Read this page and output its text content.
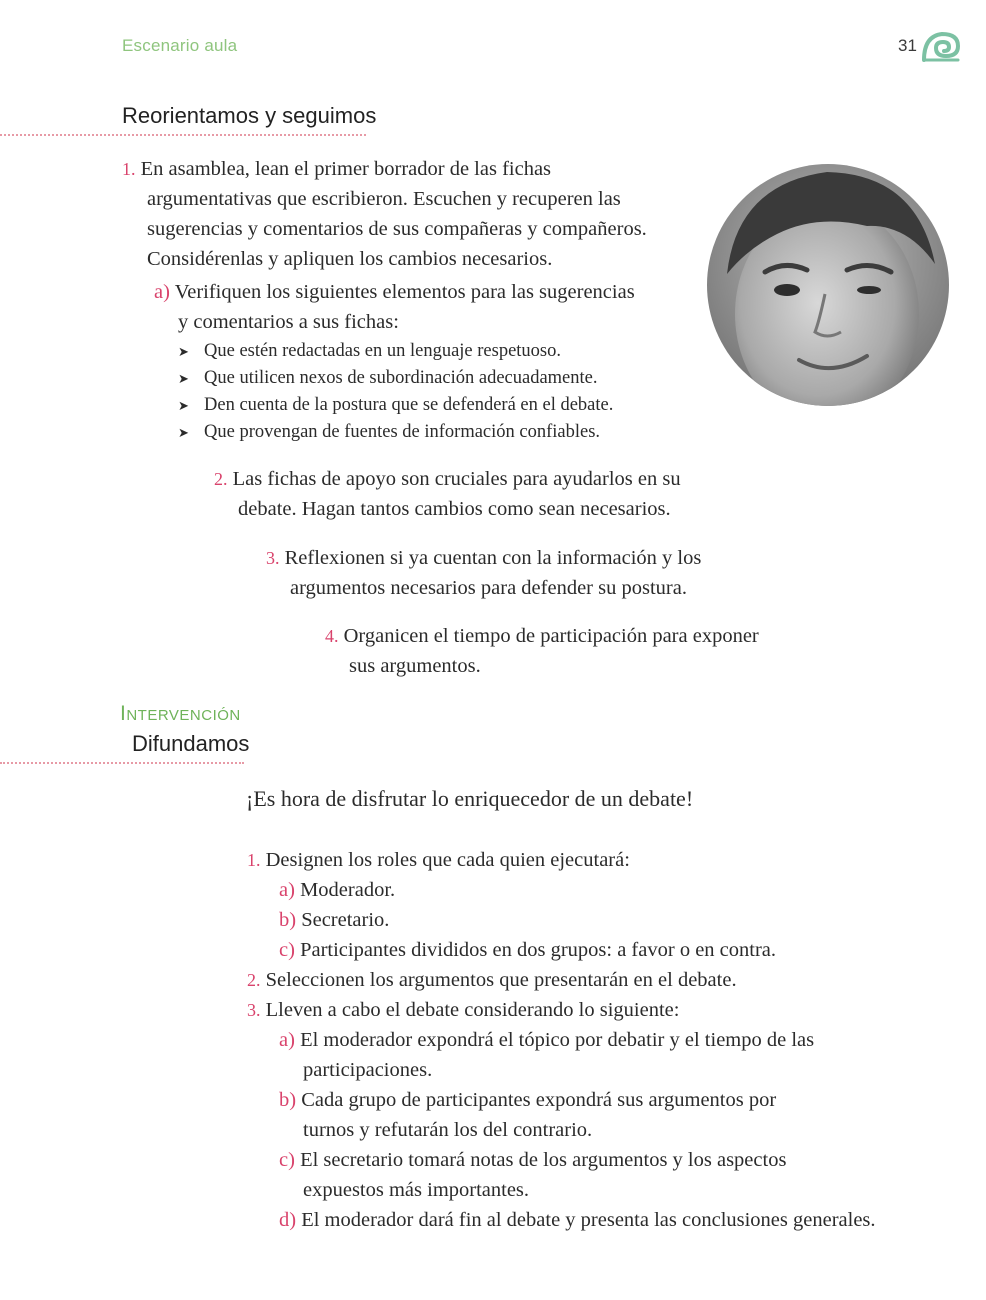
Escenario aula	31
Reorientamos y seguimos
1. En asamblea, lean el primer borrador de las fichas
argumentativas que escribieron. Escuchen y recuperen las
sugerencias y comentarios de sus compañeras y compañeros.
Considérenlas y apliquen los cambios necesarios.
a) Verifiquen los siguientes elementos para las sugerencias
y comentarios a sus fichas:
➤ Que estén redactadas en un lenguaje respetuoso.
➤ Que utilicen nexos de subordinación adecuadamente.
➤ Den cuenta de la postura que se defenderá en el debate.
➤ Que provengan de fuentes de información confiables.
2. Las fichas de apoyo son cruciales para ayudarlos en su
debate. Hagan tantos cambios como sean necesarios.
3. Reflexionen si ya cuentan con la información y los
argumentos necesarios para defender su postura.
4. Organicen el tiempo de participación para exponer
sus argumentos.
Intervención
Difundamos
¡Es hora de disfrutar lo enriquecedor de un debate!
1. Designen los roles que cada quien ejecutará:
a) Moderador.
b) Secretario.
c) Participantes divididos en dos grupos: a favor o en contra.
2. Seleccionen los argumentos que presentarán en el debate.
3. Lleven a cabo el debate considerando lo siguiente:
a) El moderador expondrá el tópico por debatir y el tiempo de las
participaciones.
b) Cada grupo de participantes expondrá sus argumentos por
turnos y refutarán los del contrario.
c) El secretario tomará notas de los argumentos y los aspectos
expuestos más importantes.
d) El moderador dará fin al debate y presenta las conclusiones generales.
